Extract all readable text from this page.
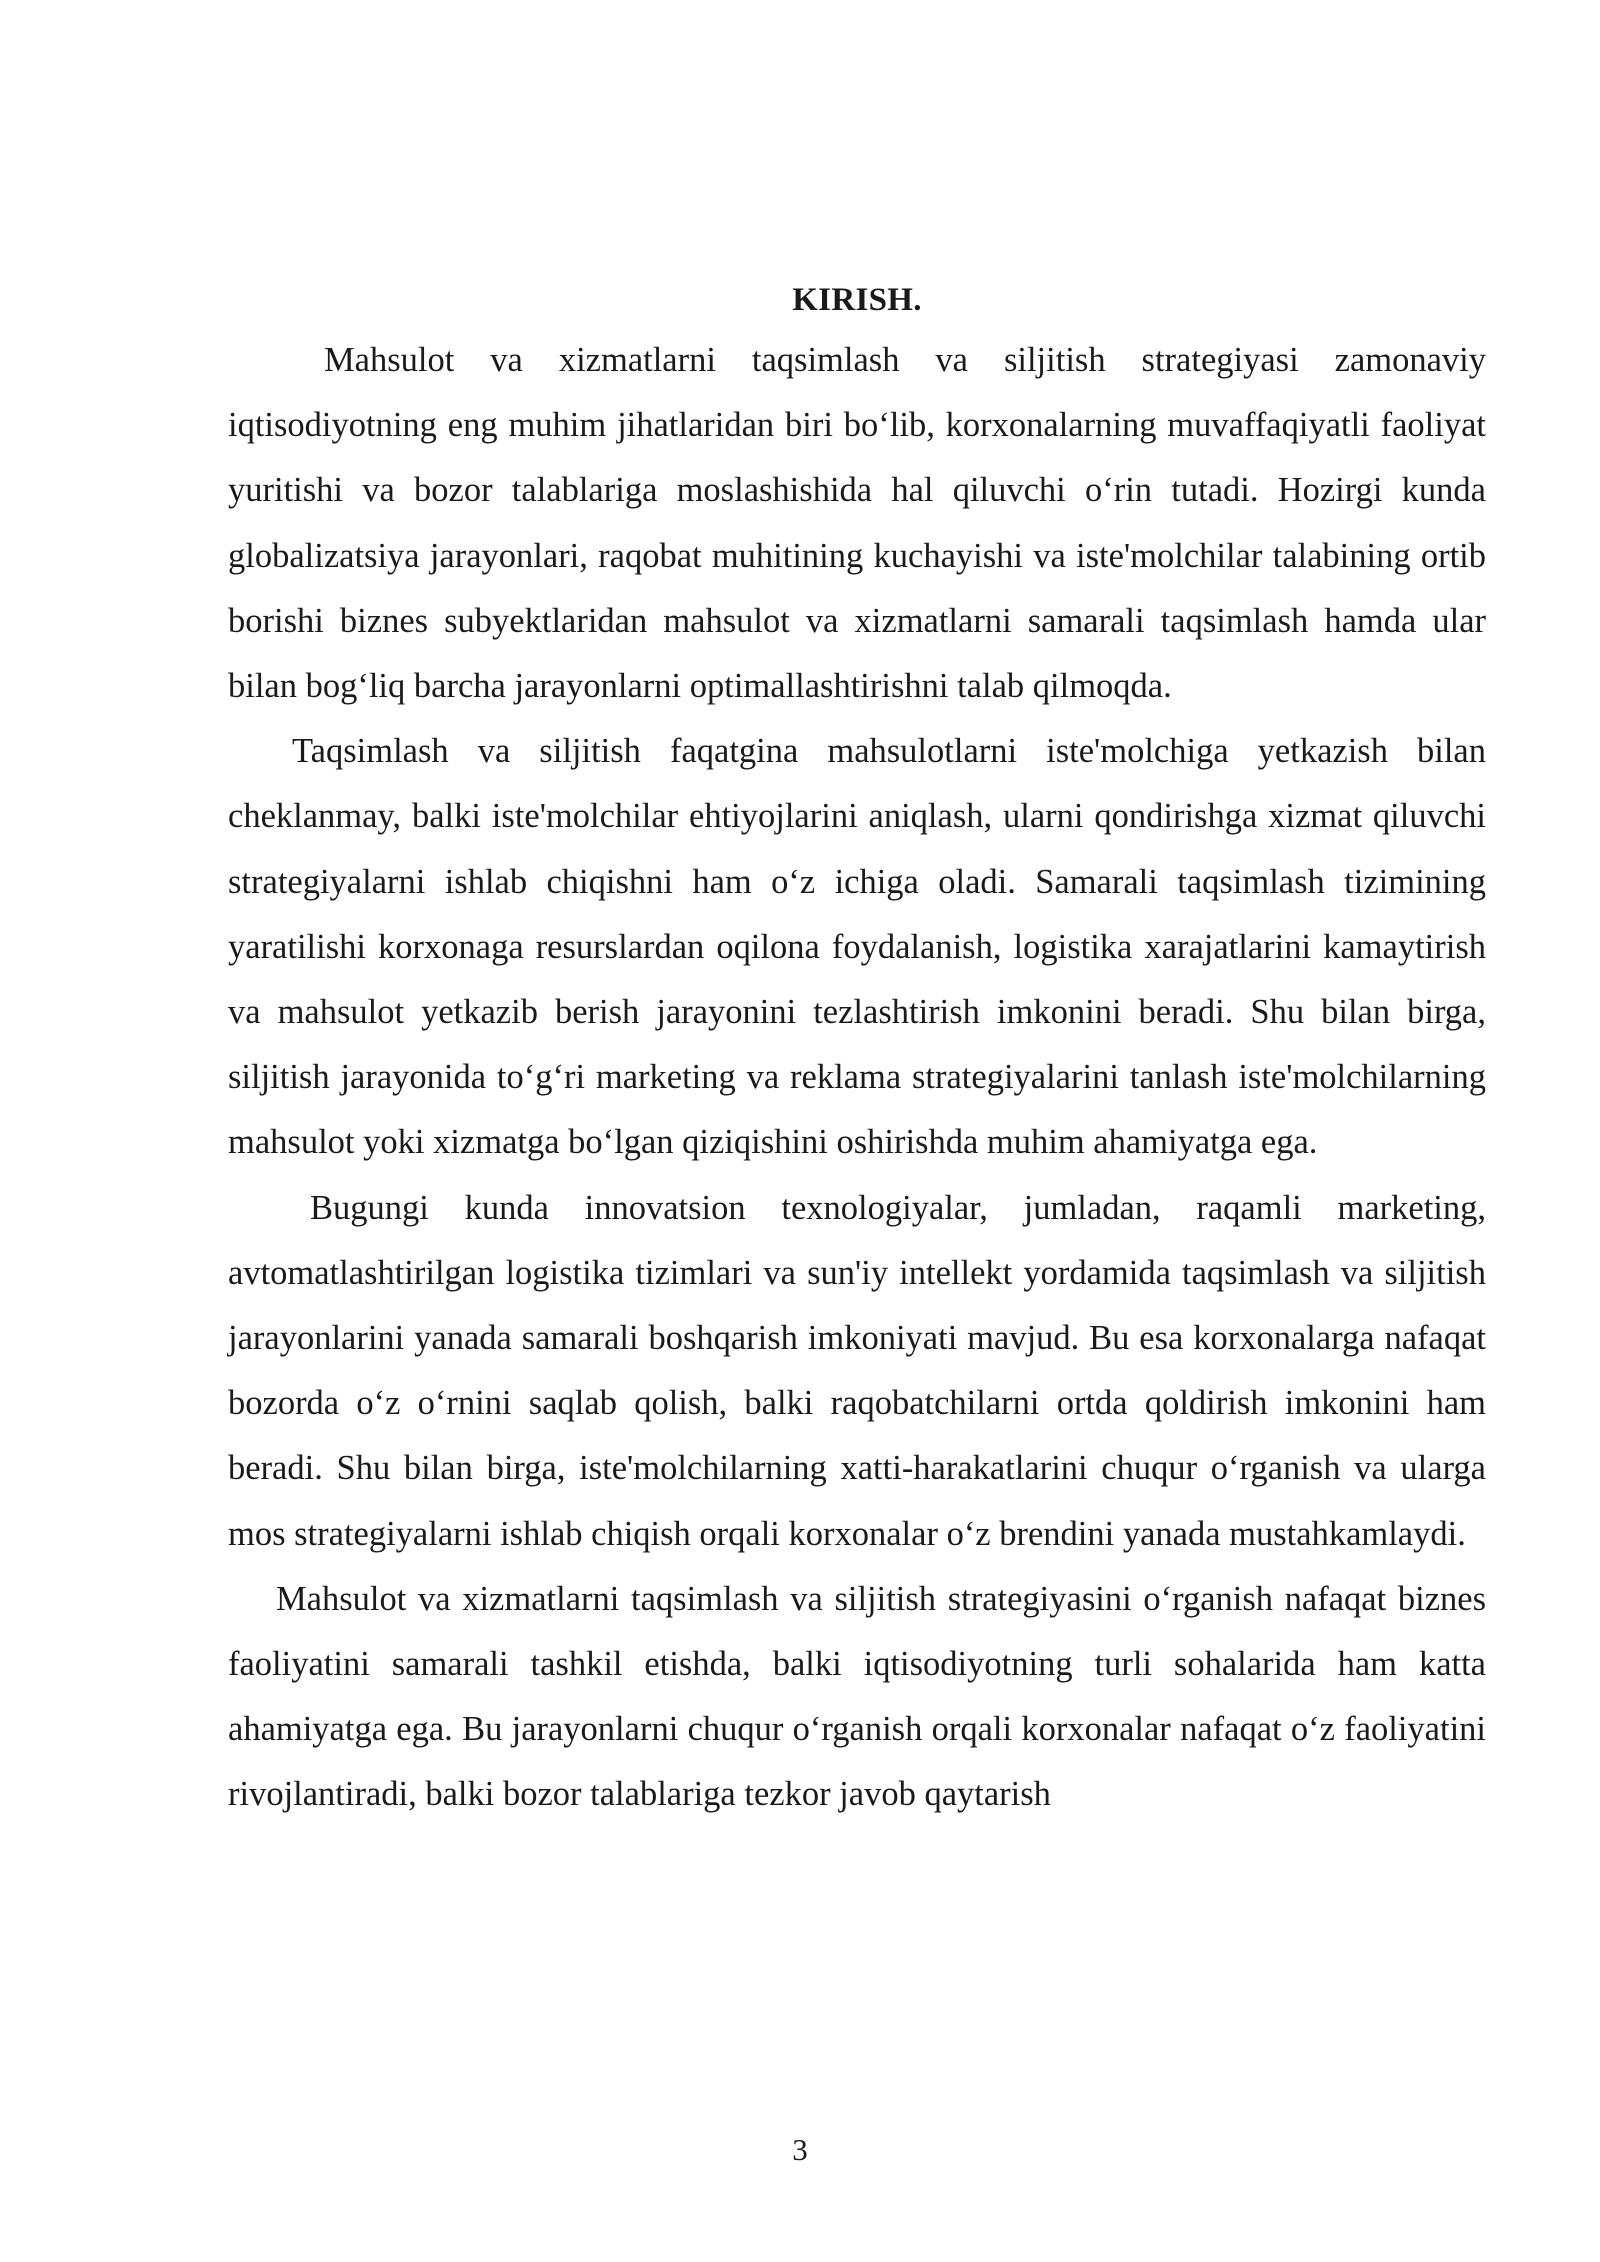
KIRISH.

Mahsulot va xizmatlarni taqsimlash va siljitish strategiyasi zamonaviy iqtisodiyotning eng muhim jihatlaridan biri bo‘lib, korxonalarning muvaffaqiyatli faoliyat yuritishi va bozor talablariga moslashishida hal qiluvchi o‘rin tutadi. Hozirgi kunda globalizatsiya jarayonlari, raqobat muhitining kuchayishi va iste'molchilar talabining ortib borishi biznes subyektlaridan mahsulot va xizmatlarni samarali taqsimlash hamda ular bilan bog‘liq barcha jarayonlarni optimallashtirishni talab qilmoqda.

Taqsimlash va siljitish faqatgina mahsulotlarni iste'molchiga yetkazish bilan cheklanmay, balki iste'molchilar ehtiyojlarini aniqlash, ularni qondirishga xizmat qiluvchi strategiyalarni ishlab chiqishni ham o‘z ichiga oladi. Samarali taqsimlash tizimining yaratilishi korxonaga resurslardan oqilona foydalanish, logistika xarajatlarini kamaytirish va mahsulot yetkazib berish jarayonini tezlashtirish imkonini beradi. Shu bilan birga, siljitish jarayonida to‘g‘ri marketing va reklama strategiyalarini tanlash iste'molchilarning mahsulot yoki xizmatga bo‘lgan qiziqishini oshirishda muhim ahamiyatga ega.

Bugungi kunda innovatsion texnologiyalar, jumladan, raqamli marketing, avtomatlashtirilgan logistika tizimlari va sun'iy intellekt yordamida taqsimlash va siljitish jarayonlarini yanada samarali boshqarish imkoniyati mavjud. Bu esa korxonalarga nafaqat bozorda o‘z o‘rnini saqlab qolish, balki raqobatchilarni ortda qoldirish imkonini ham beradi. Shu bilan birga, iste'molchilarning xatti-harakatlarini chuqur o‘rganish va ularga mos strategiyalarni ishlab chiqish orqali korxonalar o‘z brendini yanada mustahkamlaydi.

Mahsulot va xizmatlarni taqsimlash va siljitish strategiyasini o‘rganish nafaqat biznes faoliyatini samarali tashkil etishda, balki iqtisodiyotning turli sohalarida ham katta ahamiyatga ega. Bu jarayonlarni chuqur o‘rganish orqali korxonalar nafaqat o‘z faoliyatini rivojlantiradi, balki bozor talablariga tezkor javob qaytarish

3
